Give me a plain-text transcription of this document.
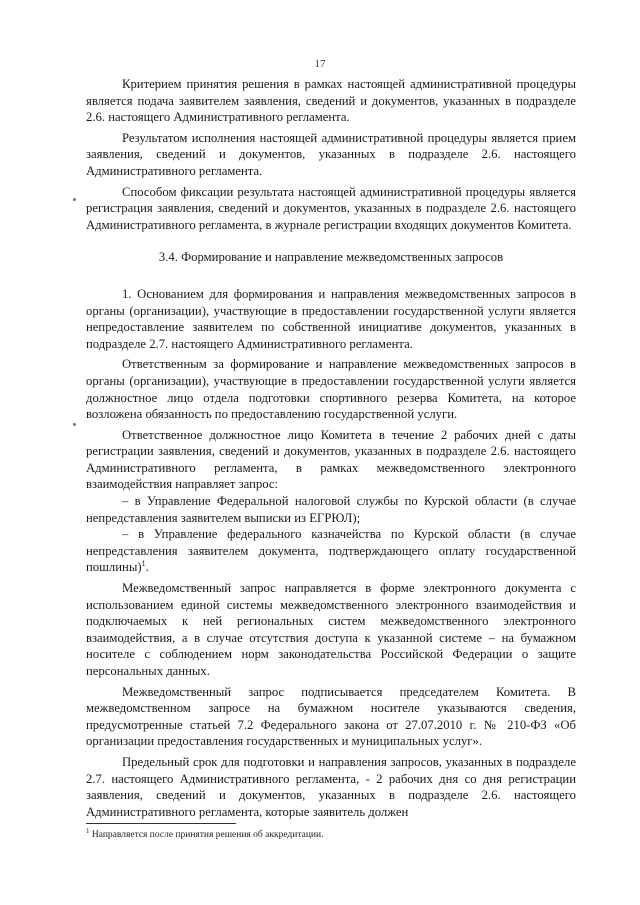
17

Критерием принятия решения в рамках настоящей административной процедуры является подача заявителем заявления, сведений и документов, указанных в подразделе 2.6. настоящего Административного регламента.

Результатом исполнения настоящей административной процедуры является прием заявления, сведений и документов, указанных в подразделе 2.6. настоящего Административного регламента.

Способом фиксации результата настоящей административной процедуры является регистрация заявления, сведений и документов, указанных в подразделе 2.6. настоящего Административного регламента, в журнале регистрации входящих документов Комитета.

3.4. Формирование и направление межведомственных запросов

1. Основанием для формирования и направления межведомственных запросов в органы (организации), участвующие в предоставлении государственной услуги является непредоставление заявителем по собственной инициативе документов, указанных в подразделе 2.7. настоящего Административного регламента.

Ответственным за формирование и направление межведомственных запросов в органы (организации), участвующие в предоставлении государственной услуги является должностное лицо отдела подготовки спортивного резерва Комитета, на которое возложена обязанность по предоставлению государственной услуги.

Ответственное должностное лицо Комитета в течение 2 рабочих дней с даты регистрации заявления, сведений и документов, указанных в подразделе 2.6. настоящего Административного регламента, в рамках межведомственного электронного взаимодействия направляет запрос:

– в Управление Федеральной налоговой службы по Курской области (в случае непредставления заявителем выписки из ЕГРЮЛ);

– в Управление федерального казначейства по Курской области (в случае непредставления заявителем документа, подтверждающего оплату государственной пошлины)$^1$.

Межведомственный запрос направляется в форме электронного документа с использованием единой системы межведомственного электронного взаимодействия и подключаемых к ней региональных систем межведомственного электронного взаимодействия, а в случае отсутствия доступа к указанной системе – на бумажном носителе с соблюдением норм законодательства Российской Федерации о защите персональных данных.

Межведомственный запрос подписывается председателем Комитета. В межведомственном запросе на бумажном носителе указываются сведения, предусмотренные статьей 7.2 Федерального закона от 27.07.2010 г. № 210-ФЗ «Об организации предоставления государственных и муниципальных услуг».

Предельный срок для подготовки и направления запросов, указанных в подразделе 2.7. настоящего Административного регламента, - 2 рабочих дня со дня регистрации заявления, сведений и документов, указанных в подразделе 2.6. настоящего Административного регламента, которые заявитель должен

$^1$ Направляется после принятия решения об аккредитации.
